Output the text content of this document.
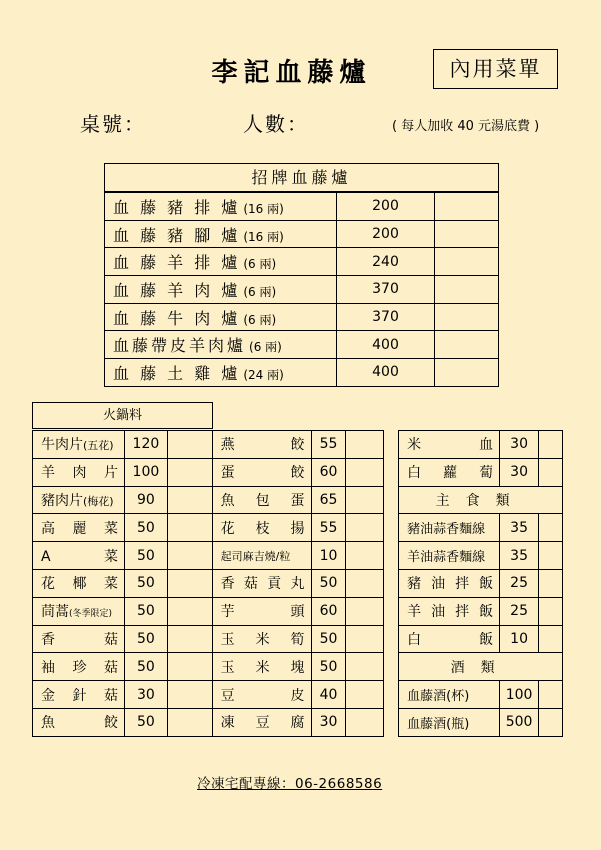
李記血藤爐	內用菜單
桌號：	人數：	( 每人加收 40 元湯底費 )
招牌血藤爐
血 藤 豬 排 爐 (16 兩)	200	
血 藤 豬 腳 爐 (16 兩)	200	
血 藤 羊 排 爐 (6 兩)	240	
血 藤 羊 肉 爐 (6 兩)	370	
血 藤 牛 肉 爐 (6 兩)	370	
血藤帶皮羊肉爐 (6 兩)	400	
血 藤 土 雞 爐 (24 兩)	400	
火鍋料
牛肉片(五花)	120		燕餃	55			米血	30	
羊肉片	100		蛋餃	60			白蘿蔔	30	
豬肉片(梅花)	90		魚包蛋	65			主食類		
高麗菜	50		花枝揚	55			豬油蒜香麵線	35	
A菜	50		起司麻吉燒/粒	10			羊油蒜香麵線	35	
花椰菜	50		香菇貢丸	50			豬油拌飯	25	
茼蒿(冬季限定)	50		芋頭	60			羊油拌飯	25	
香菇	50		玉米筍	50			白飯	10	
袖珍菇	50		玉米塊	50			酒類		
金針菇	30		豆皮	40			血藤酒(杯)	100	
魚餃	50		凍豆腐	30			血藤酒(瓶)	500	
冷凍宅配專線：06-2668586
